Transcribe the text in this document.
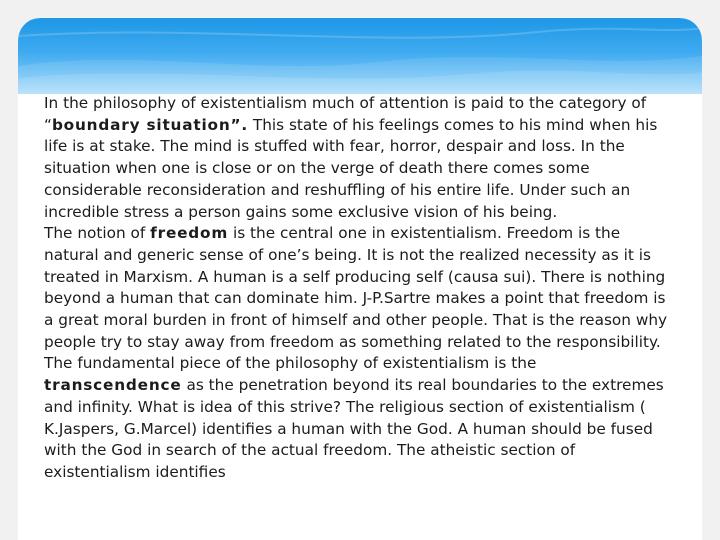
In the philosophy of existentialism much of attention is paid to the category of “boundary situation”. This state of his feelings comes to his mind when his life is at stake. The mind is stuffed with fear, horror, despair and loss. In the situation when one is close or on the verge of death there comes some considerable reconsideration and reshuffling of his entire life. Under such an incredible stress a person gains some exclusive vision of his being.

The notion of freedom is the central one in existentialism. Freedom is the natural and generic sense of one’s being. It is not the realized necessity as it is treated in Marxism. A human is a self producing self (causa sui). There is nothing beyond a human that can dominate him. J-P.Sartre makes a point that freedom is a great moral burden in front of himself and other people. That is the reason why people try to stay away from freedom as something related to the responsibility.

The fundamental piece of the philosophy of existentialism is the transcendence as the penetration beyond its real boundaries to the extremes and infinity. What is idea of this strive? The religious section of existentialism ( K.Jaspers, G.Marcel) identifies a human with the God. A human should be fused with the God in search of the actual freedom. The atheistic section of existentialism identifies
